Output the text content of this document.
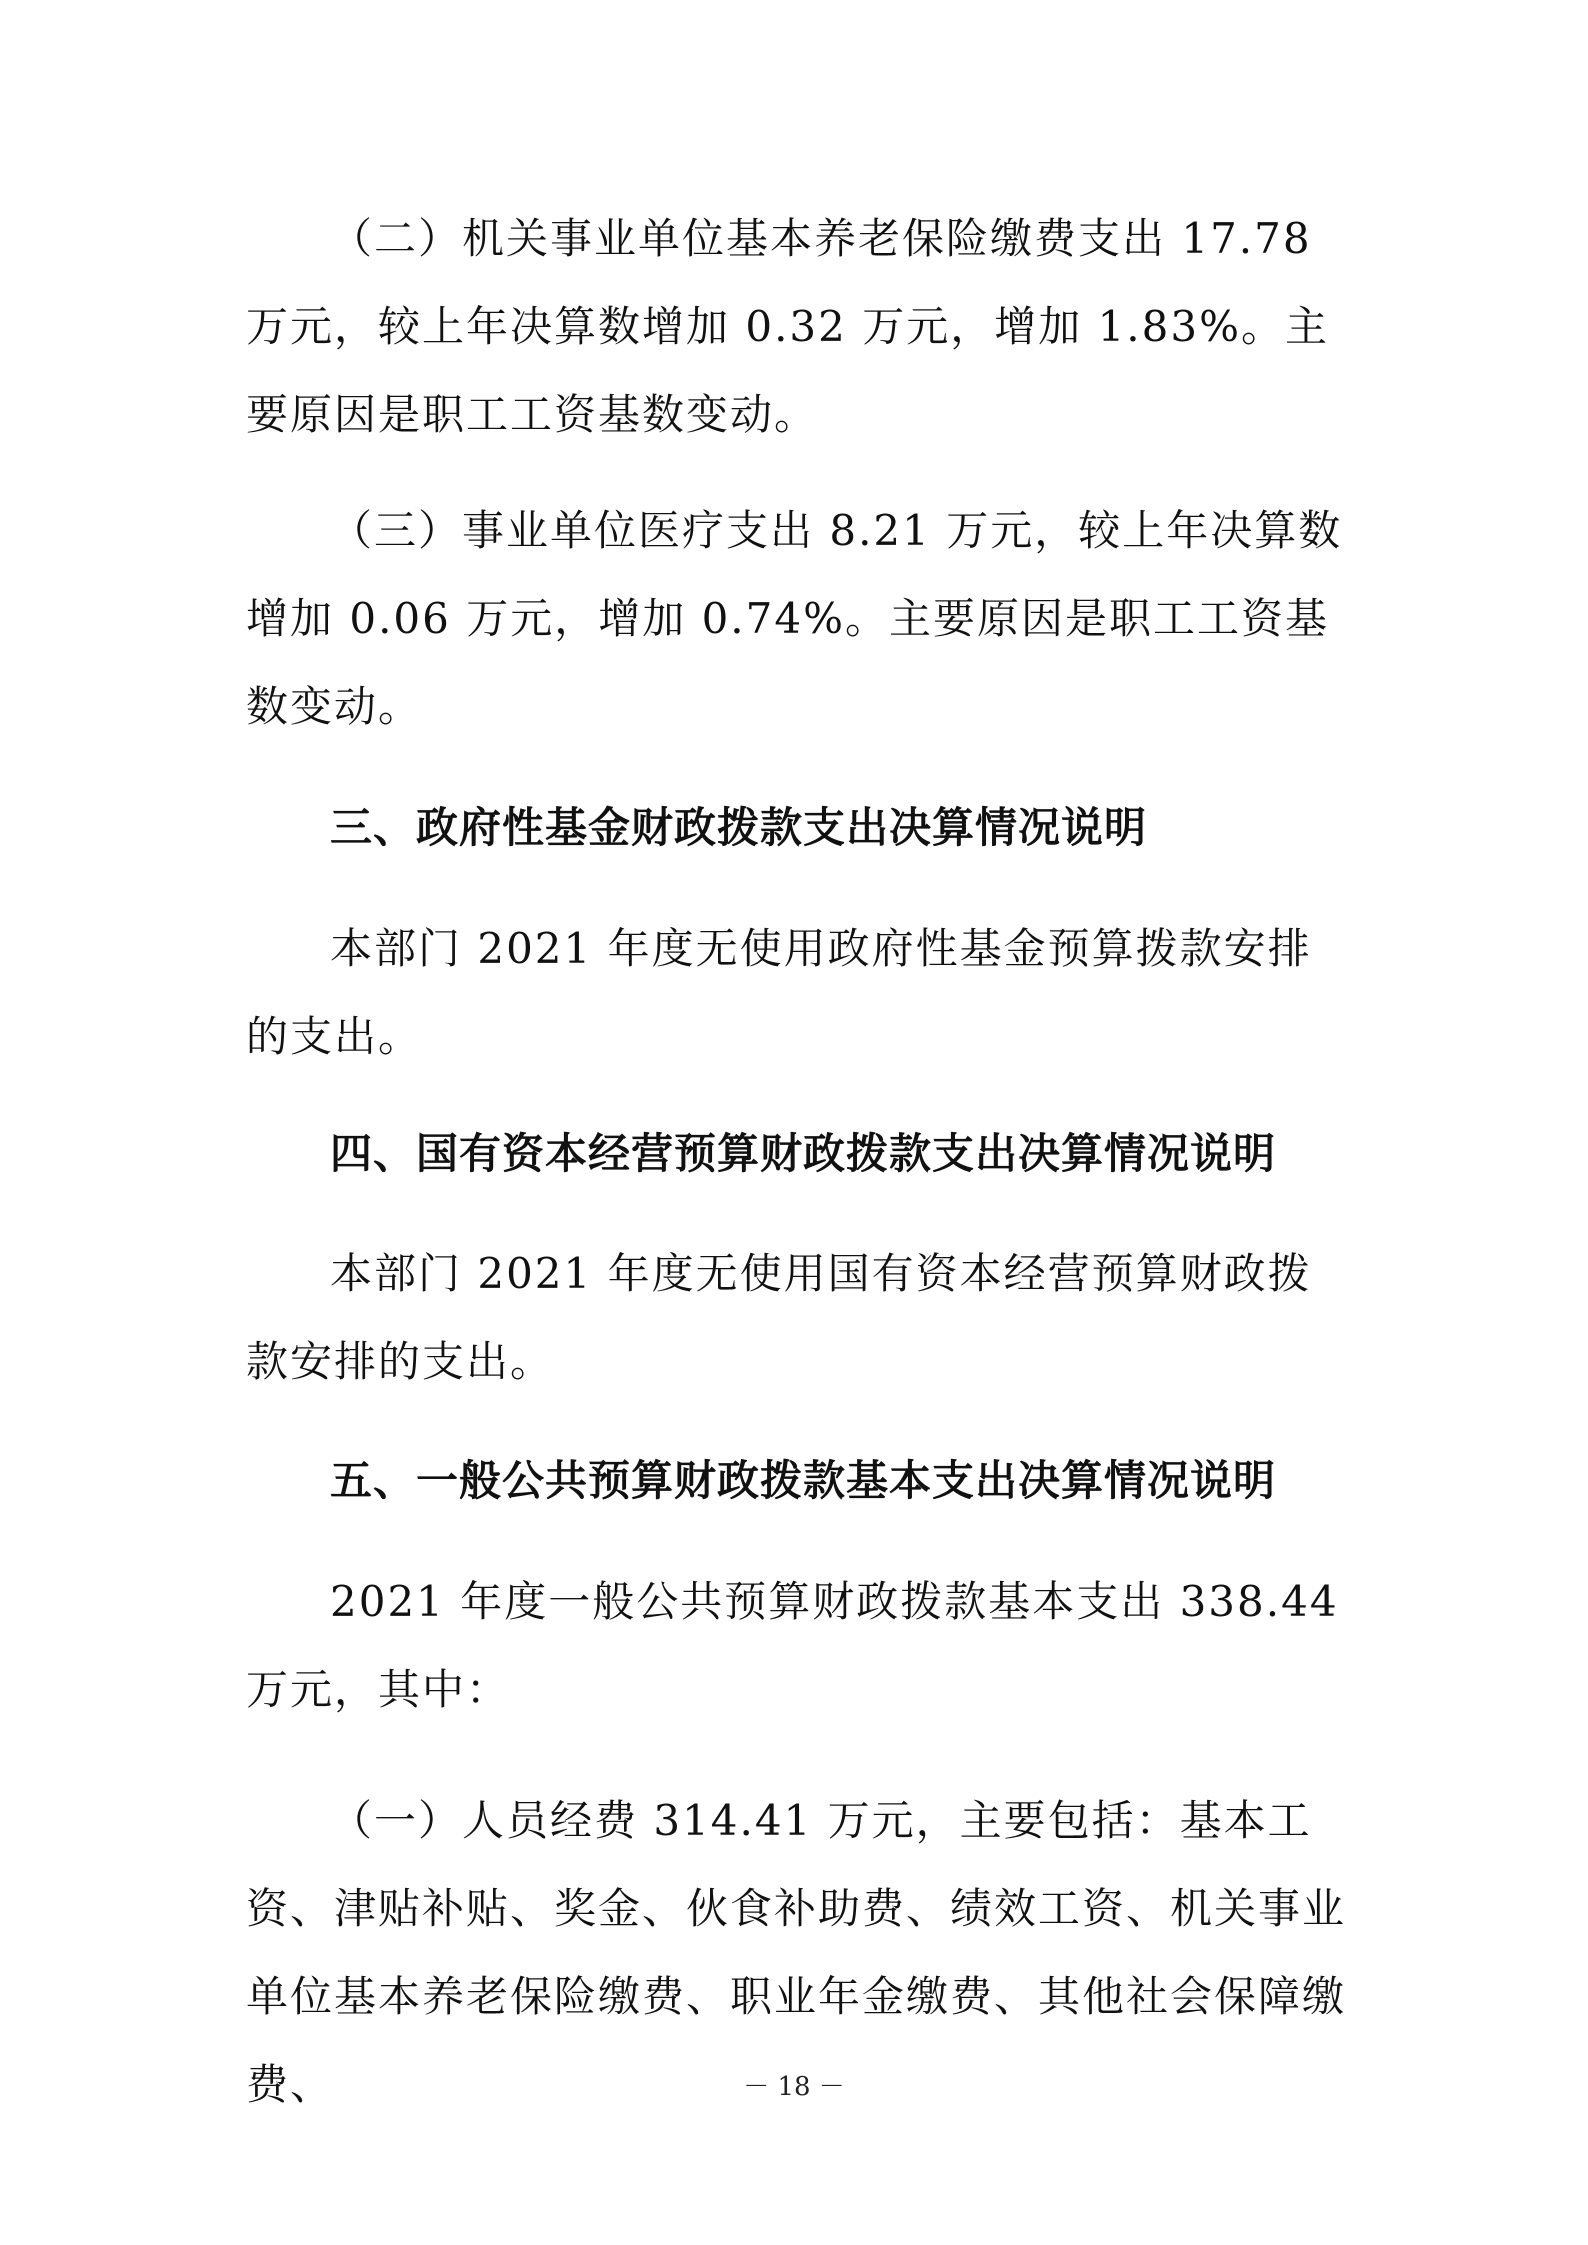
（二）机关事业单位基本养老保险缴费支出 17.78 万元，较上年决算数增加 0.32 万元，增加 1.83%。主要原因是职工工资基数变动。

（三）事业单位医疗支出 8.21 万元，较上年决算数增加 0.06 万元，增加 0.74%。主要原因是职工工资基数变动。

三、政府性基金财政拨款支出决算情况说明

本部门 2021 年度无使用政府性基金预算拨款安排的支出。

四、国有资本经营预算财政拨款支出决算情况说明

本部门 2021 年度无使用国有资本经营预算财政拨款安排的支出。

五、一般公共预算财政拨款基本支出决算情况说明

2021 年度一般公共预算财政拨款基本支出 338.44 万元，其中：

（一）人员经费 314.41 万元，主要包括：基本工资、津贴补贴、奖金、伙食补助费、绩效工资、机关事业单位基本养老保险缴费、职业年金缴费、其他社会保障缴费、	－ 18 －
